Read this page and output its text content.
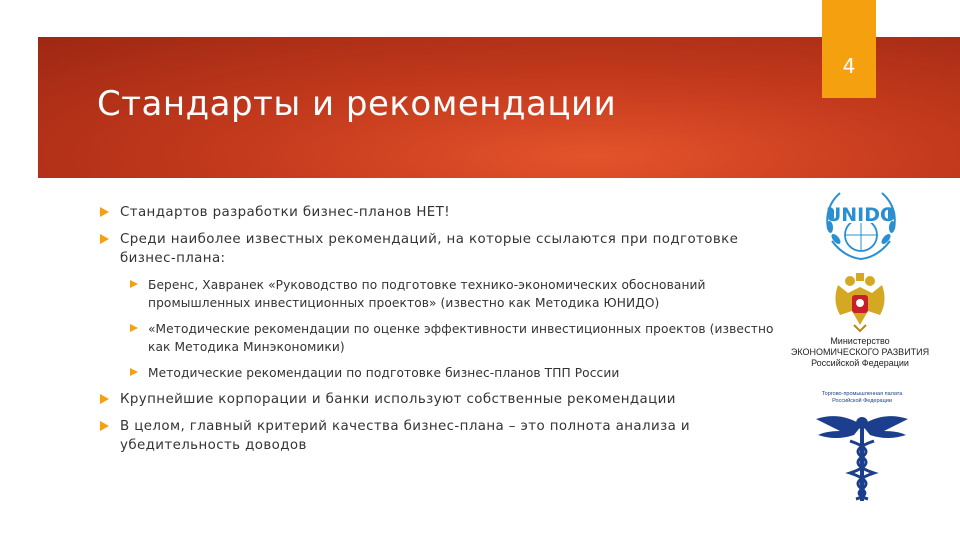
Стандарты и рекомендации
4
Стандартов разработки бизнес-планов НЕТ!
Среди наиболее известных рекомендаций, на которые ссылаются при подготовке бизнес-плана:
Беренс, Хавранек «Руководство по подготовке технико-экономических обоснований промышленных инвестиционных проектов» (известно как Методика ЮНИДО)
«Методические рекомендации по оценке эффективности инвестиционных проектов (известно как Методика Минэкономики)
Методические рекомендации по подготовке бизнес-планов ТПП России
Крупнейшие корпорации и банки используют собственные рекомендации
В целом, главный критерий качества бизнес-плана – это полнота анализа и убедительность доводов
UNIDO
Министерство
ЭКОНОМИЧЕСКОГО РАЗВИТИЯ
Российской Федерации
Торгово-промышленная палата Российской Федерации
